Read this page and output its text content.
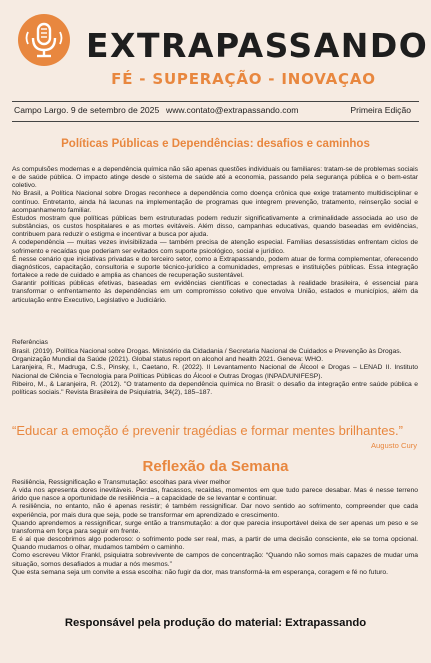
EXTRAPASSANDO
FÉ - SUPERAÇÃO - INOVAÇAO
Campo Largo. 9 de setembro de 2025 www.contato@extrapassando.com	Primeira Edição
Políticas Públicas e Dependências: desafios e caminhos

As compulsões modernas e a dependência química não são apenas questões individuais ou familiares: tratam-se de problemas sociais e de saúde pública. O impacto atinge desde o sistema de saúde até a economia, passando pela segurança pública e o bem-estar coletivo.

No Brasil, a Política Nacional sobre Drogas reconhece a dependência como doença crônica que exige tratamento multidisciplinar e contínuo. Entretanto, ainda há lacunas na implementação de programas que integrem prevenção, tratamento, reinserção social e acompanhamento familiar.

Estudos mostram que políticas públicas bem estruturadas podem reduzir significativamente a criminalidade associada ao uso de substâncias, os custos hospitalares e as mortes evitáveis. Além disso, campanhas educativas, quando baseadas em evidências, contribuem para reduzir o estigma e incentivar a busca por ajuda.

A codependência — muitas vezes invisibilizada — também precisa de atenção especial. Famílias desassistidas enfrentam ciclos de sofrimento e recaídas que poderiam ser evitados com suporte psicológico, social e jurídico.

É nesse cenário que iniciativas privadas e do terceiro setor, como a Extrapassando, podem atuar de forma complementar, oferecendo diagnósticos, capacitação, consultoria e suporte técnico-jurídico a comunidades, empresas e instituições públicas. Essa integração fortalece a rede de cuidado e amplia as chances de recuperação sustentável.

Garantir políticas públicas efetivas, baseadas em evidências científicas e conectadas à realidade brasileira, é essencial para transformar o enfrentamento às dependências em um compromisso coletivo que envolva União, estados e municípios, além da articulação entre Executivo, Legislativo e Judiciário.

Referências

Brasil. (2019). Política Nacional sobre Drogas. Ministério da Cidadania / Secretaria Nacional de Cuidados e Prevenção às Drogas.

Organização Mundial da Saúde (2021). Global status report on alcohol and health 2021. Geneva: WHO.

Laranjeira, R., Madruga, C.S., Pinsky, I., Caetano, R. (2022). II Levantamento Nacional de Álcool e Drogas – LENAD II. Instituto Nacional de Ciência e Tecnologia para Políticas Públicas do Álcool e Outras Drogas (INPAD/UNIFESP).

Ribeiro, M., & Laranjeira, R. (2012). "O tratamento da dependência química no Brasil: o desafio da integração entre saúde pública e políticas sociais." Revista Brasileira de Psiquiatria, 34(2), 185–187.

“Educar a emoção é prevenir tragédias e formar mentes brilhantes.”
Augusto Cury
Reflexão da Semana

Resiliência, Ressignificação e Transmutação: escolhas para viver melhor

A vida nos apresenta dores inevitáveis. Perdas, fracassos, recaídas, momentos em que tudo parece desabar. Mas é nesse terreno árido que nasce a oportunidade de resiliência – a capacidade de se levantar e continuar.

A resiliência, no entanto, não é apenas resistir; é também ressignificar. Dar novo sentido ao sofrimento, compreender que cada experiência, por mais dura que seja, pode se transformar em aprendizado e crescimento.

Quando aprendemos a ressignificar, surge então a transmutação: a dor que parecia insuportável deixa de ser apenas um peso e se transforma em força para seguir em frente.

E é aí que descobrimos algo poderoso: o sofrimento pode ser real, mas, a partir de uma decisão consciente, ele se torna opcional. Quando mudamos o olhar, mudamos também o caminho.

Como escreveu Viktor Frankl, psiquiatra sobrevivente de campos de concentração: “Quando não somos mais capazes de mudar uma situação, somos desafiados a mudar a nós mesmos.”

Que esta semana seja um convite a essa escolha: não fugir da dor, mas transformá-la em esperança, coragem e fé no futuro.

Responsável pela produção do material: Extrapassando
